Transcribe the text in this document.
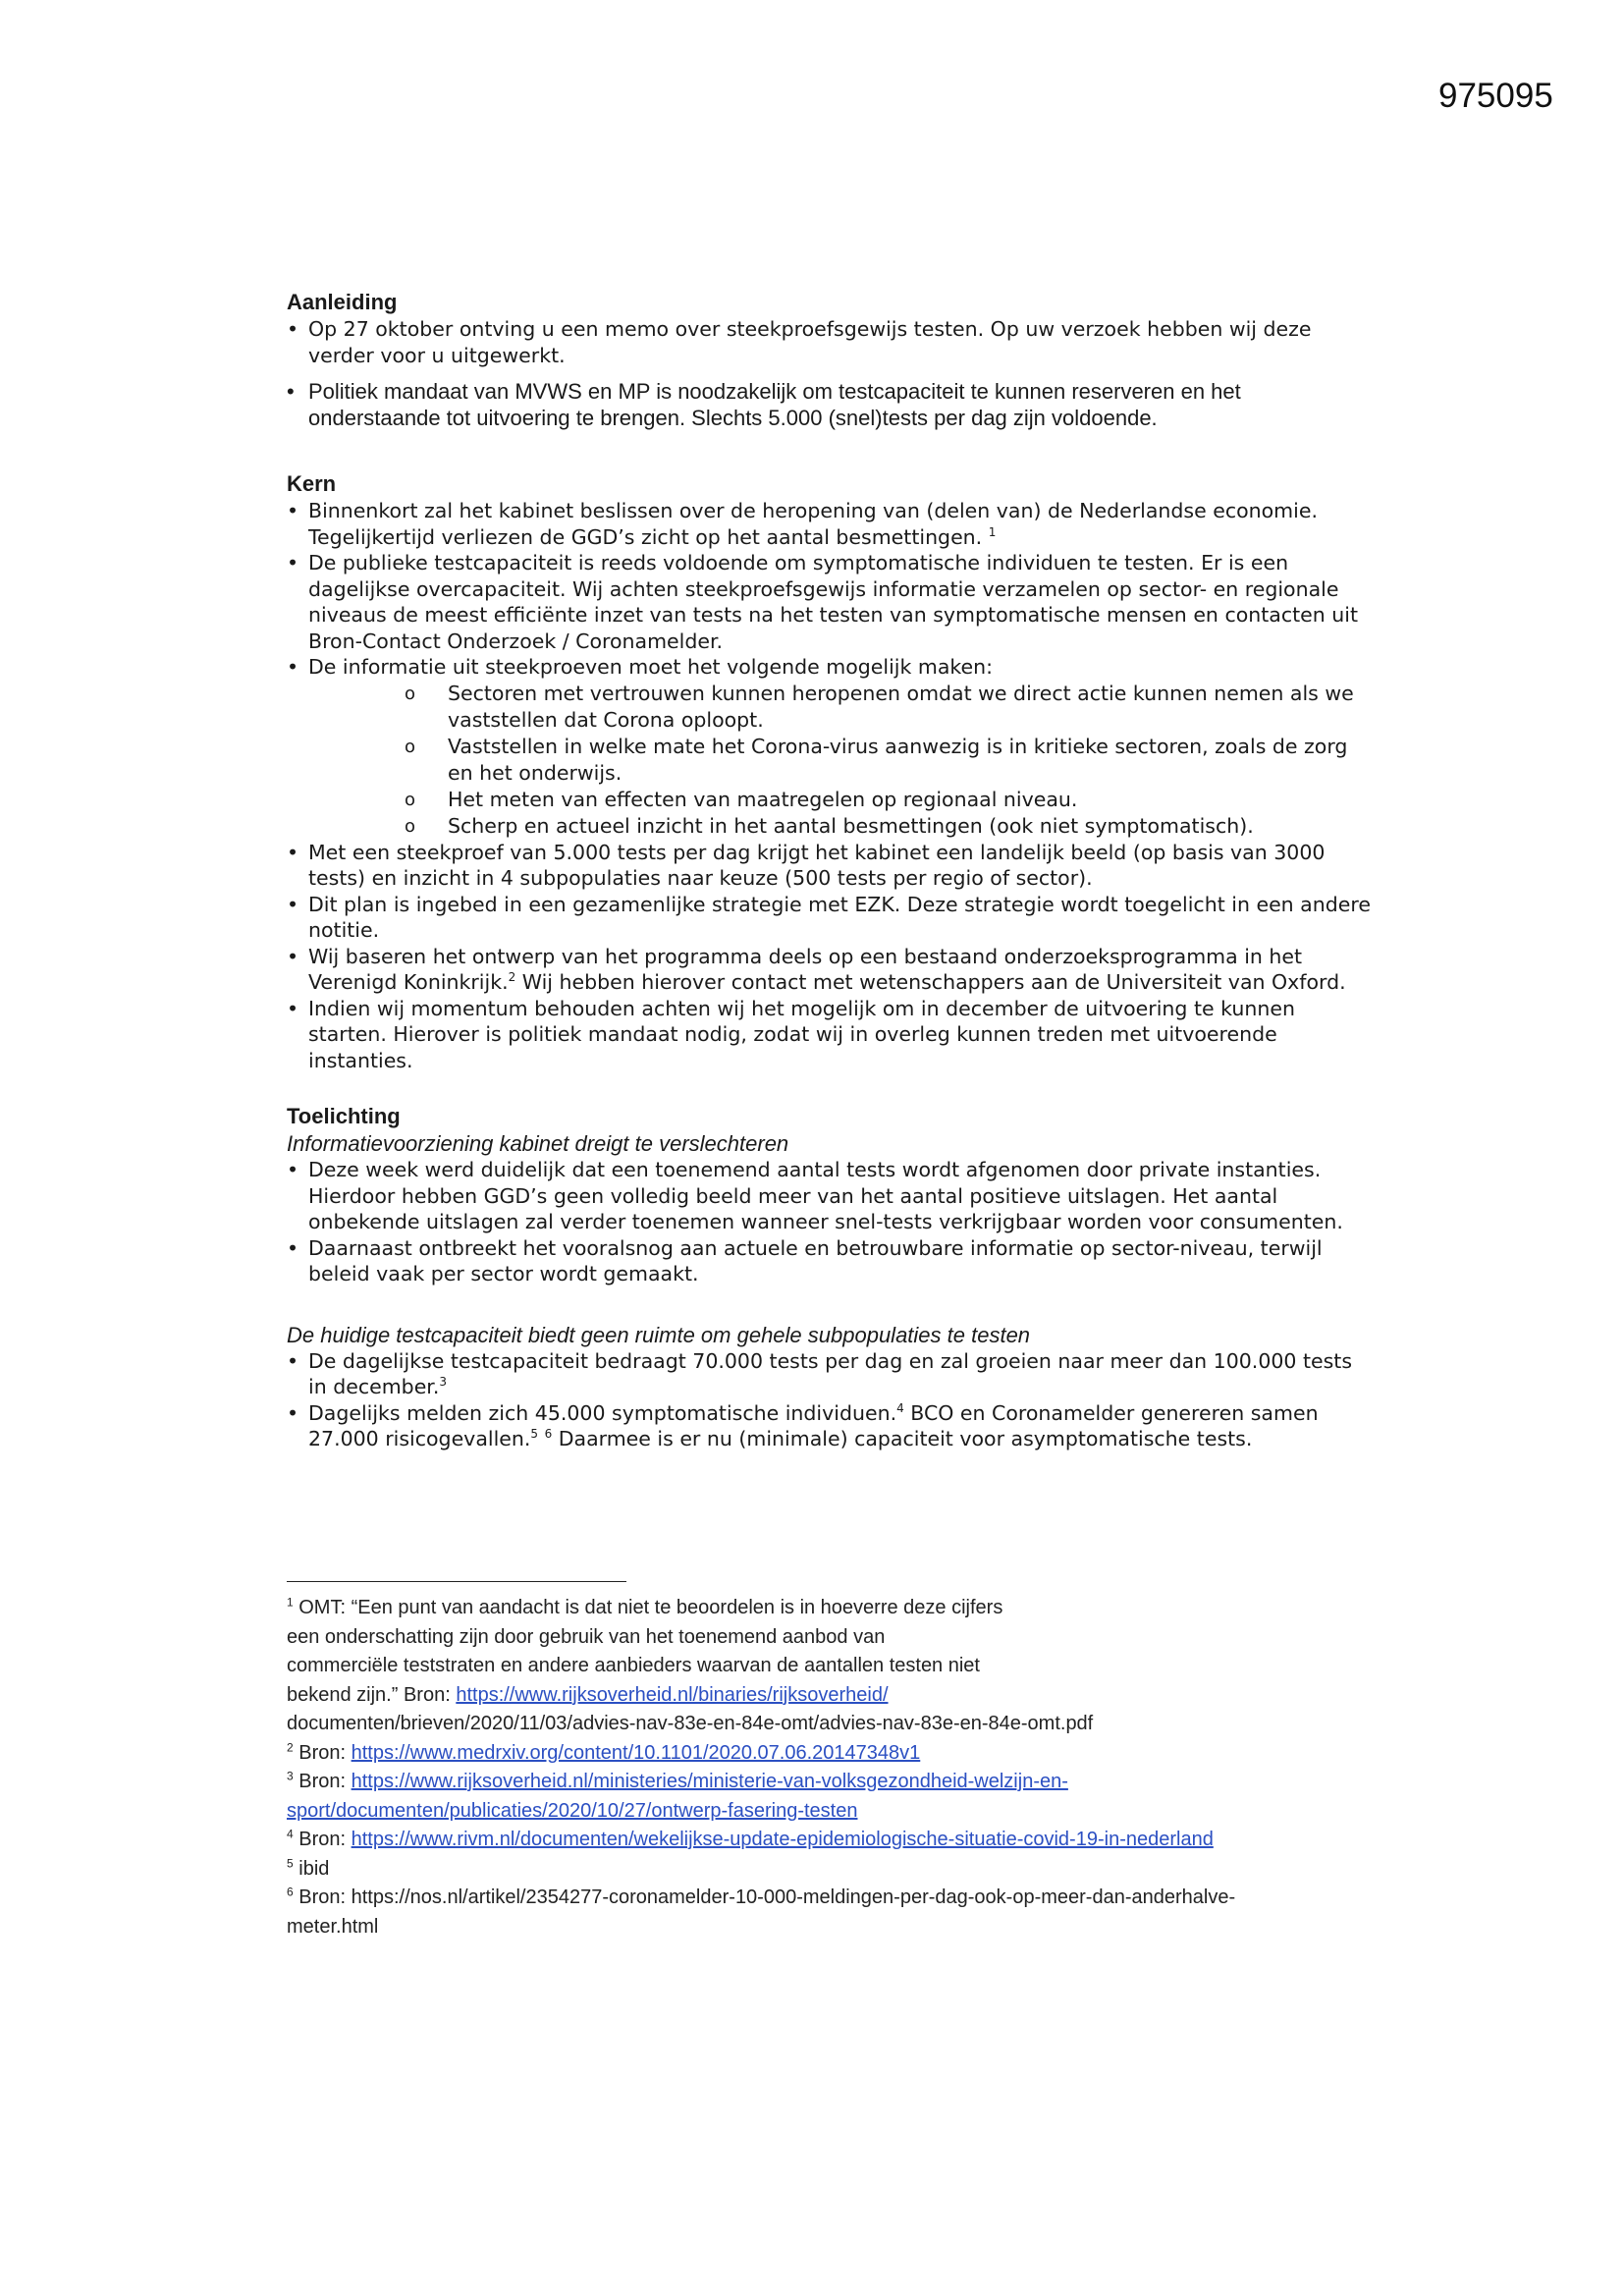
975095
Aanleiding
• Op 27 oktober ontving u een memo over steekproefsgewijs testen. Op uw verzoek hebben wij deze verder voor u uitgewerkt.
• Politiek mandaat van MVWS en MP is noodzakelijk om testcapaciteit te kunnen reserveren en het onderstaande tot uitvoering te brengen. Slechts 5.000 (snel)tests per dag zijn voldoende.
Kern
• Binnenkort zal het kabinet beslissen over de heropening van (delen van) de Nederlandse economie. Tegelijkertijd verliezen de GGD’s zicht op het aantal besmettingen. $^1$
• De publieke testcapaciteit is reeds voldoende om symptomatische individuen te testen. Er is een dagelijkse overcapaciteit. Wij achten steekproefsgewijs informatie verzamelen op sector- en regionale niveaus de meest efficiënte inzet van tests na het testen van symptomatische mensen en contacten uit Bron-Contact Onderzoek / Coronamelder.
• De informatie uit steekproeven moet het volgende mogelijk maken:
o Sectoren met vertrouwen kunnen heropenen omdat we direct actie kunnen nemen als we vaststellen dat Corona oploopt.
o Vaststellen in welke mate het Corona-virus aanwezig is in kritieke sectoren, zoals de zorg en het onderwijs.
o Het meten van effecten van maatregelen op regionaal niveau.
o Scherp en actueel inzicht in het aantal besmettingen (ook niet symptomatisch).
• Met een steekproef van 5.000 tests per dag krijgt het kabinet een landelijk beeld (op basis van 3000 tests) en inzicht in 4 subpopulaties naar keuze (500 tests per regio of sector).
• Dit plan is ingebed in een gezamenlijke strategie met EZK. Deze strategie wordt toegelicht in een andere notitie.
• Wij baseren het ontwerp van het programma deels op een bestaand onderzoeksprogramma in het Verenigd Koninkrijk.$^2$ Wij hebben hierover contact met wetenschappers aan de Universiteit van Oxford.
• Indien wij momentum behouden achten wij het mogelijk om in december de uitvoering te kunnen starten. Hierover is politiek mandaat nodig, zodat wij in overleg kunnen treden met uitvoerende instanties.
Toelichting

Informatievoorziening kabinet dreigt te verslechteren

• Deze week werd duidelijk dat een toenemend aantal tests wordt afgenomen door private instanties. Hierdoor hebben GGD’s geen volledig beeld meer van het aantal positieve uitslagen. Het aantal onbekende uitslagen zal verder toenemen wanneer snel-tests verkrijgbaar worden voor consumenten.
• Daarnaast ontbreekt het vooralsnog aan actuele en betrouwbare informatie op sector-niveau, terwijl beleid vaak per sector wordt gemaakt.

De huidige testcapaciteit biedt geen ruimte om gehele subpopulaties te testen

• De dagelijkse testcapaciteit bedraagt 70.000 tests per dag en zal groeien naar meer dan 100.000 tests in december.$^3$
• Dagelijks melden zich 45.000 symptomatische individuen.$^4$ BCO en Coronamelder genereren samen 27.000 risicogevallen.$^5$ $^6$ Daarmee is er nu (minimale) capaciteit voor asymptomatische tests.

$^1$ OMT: “Een punt van aandacht is dat niet te beoordelen is in hoeverre deze cijfers

een onderschatting zijn door gebruik van het toenemend aanbod van

commerciële teststraten en andere aanbieders waarvan de aantallen testen niet

bekend zijn.” Bron: https://www.rijksoverheid.nl/binaries/rijksoverheid/

documenten/brieven/2020/11/03/advies-nav-83e-en-84e-omt/advies-nav-83e-en-84e-omt.pdf

$^2$ Bron: https://www.medrxiv.org/content/10.1101/2020.07.06.20147348v1

$^3$ Bron: https://www.rijksoverheid.nl/ministeries/ministerie-van-volksgezondheid-welzijn-en-

sport/documenten/publicaties/2020/10/27/ontwerp-fasering-testen

$^4$ Bron: https://www.rivm.nl/documenten/wekelijkse-update-epidemiologische-situatie-covid-19-in-nederland

$^5$ ibid

$^6$ Bron: https://nos.nl/artikel/2354277-coronamelder-10-000-meldingen-per-dag-ook-op-meer-dan-anderhalve-

meter.html
